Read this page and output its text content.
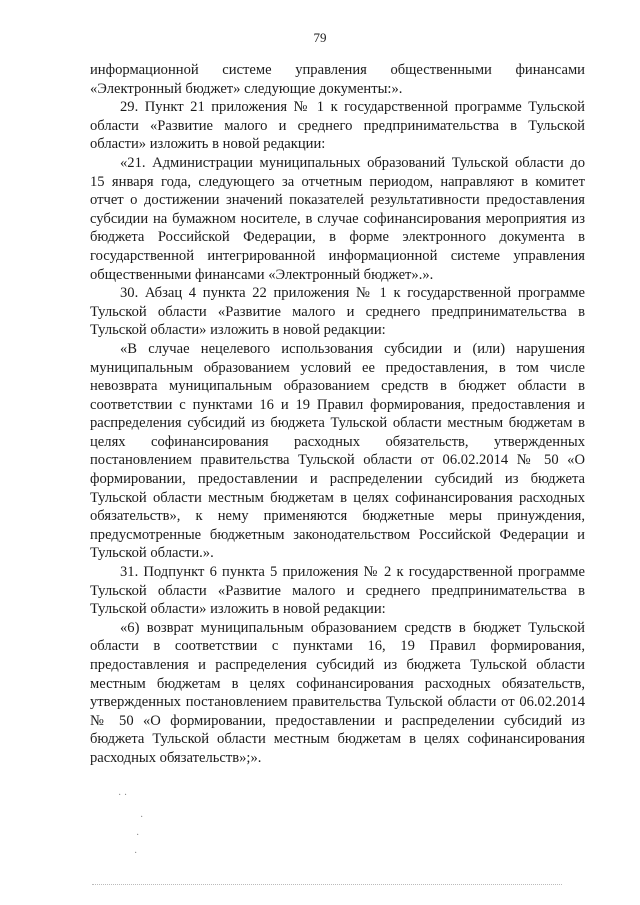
79

информационной системе управления общественными финансами «Электронный бюджет» следующие документы:».

29. Пункт 21 приложения № 1 к государственной программе Тульской области «Развитие малого и среднего предпринимательства в Тульской области» изложить в новой редакции:

«21. Администрации муниципальных образований Тульской области до 15 января года, следующего за отчетным периодом, направляют в комитет отчет о достижении значений показателей результативности предоставления субсидии на бумажном носителе, в случае софинансирования мероприятия из бюджета Российской Федерации, в форме электронного документа в государственной интегрированной информационной системе управления общественными финансами «Электронный бюджет».».

30. Абзац 4 пункта 22 приложения № 1 к государственной программе Тульской области «Развитие малого и среднего предпринимательства в Тульской области» изложить в новой редакции:

«В случае нецелевого использования субсидии и (или) нарушения муниципальным образованием условий ее предоставления, в том числе невозврата муниципальным образованием средств в бюджет области в соответствии с пунктами 16 и 19 Правил формирования, предоставления и распределения субсидий из бюджета Тульской области местным бюджетам в целях софинансирования расходных обязательств, утвержденных постановлением правительства Тульской области от 06.02.2014 № 50 «О формировании, предоставлении и распределении субсидий из бюджета Тульской области местным бюджетам в целях софинансирования расходных обязательств», к нему применяются бюджетные меры принуждения, предусмотренные бюджетным законодательством Российской Федерации и Тульской области.».

31. Подпункт 6 пункта 5 приложения № 2 к государственной программе Тульской области «Развитие малого и среднего предпринимательства в Тульской области» изложить в новой редакции:

«6) возврат муниципальным образованием средств в бюджет Тульской области в соответствии с пунктами 16, 19 Правил формирования, предоставления и распределения субсидий из бюджета Тульской области местным бюджетам в целях софинансирования расходных обязательств, утвержденных постановлением правительства Тульской области от 06.02.2014 № 50 «О формировании, предоставлении и распределении субсидий из бюджета Тульской области местным бюджетам в целях софинансирования расходных обязательств»;».

· ·
·
·
·
